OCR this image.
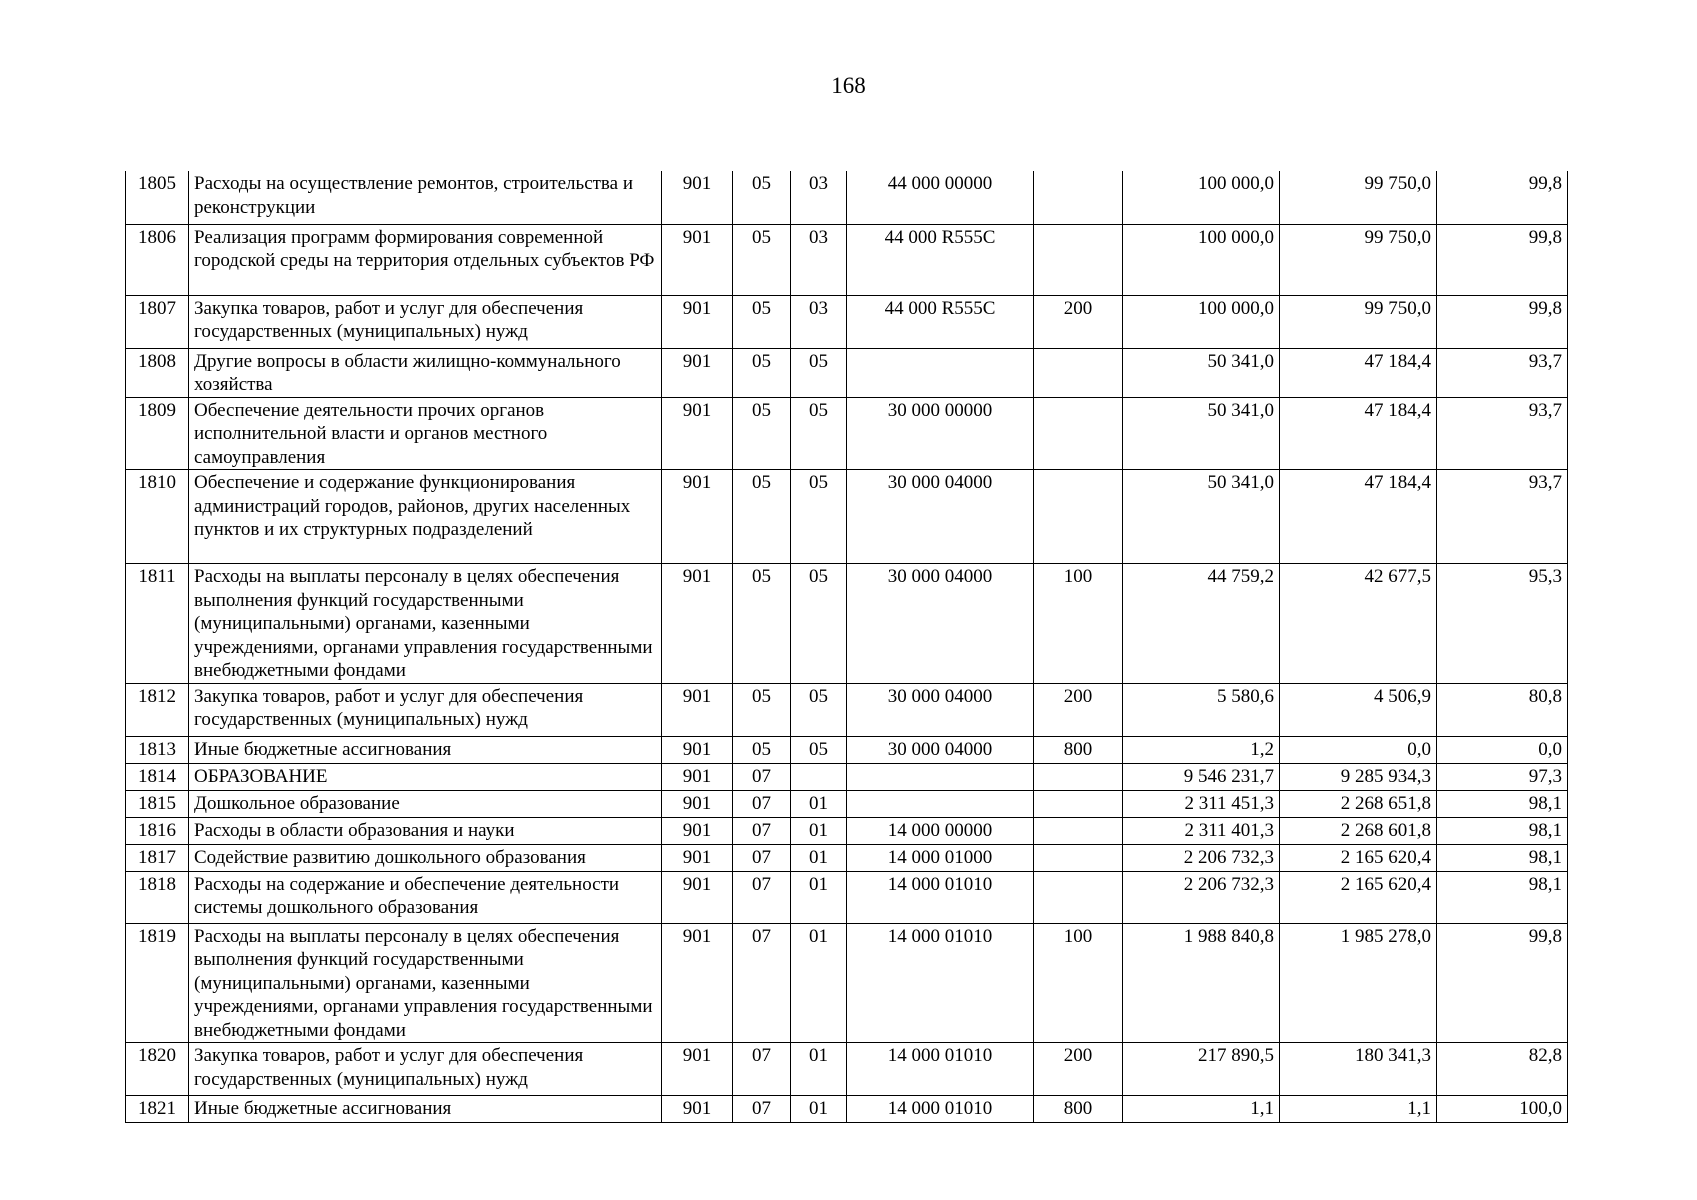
168
1805	Расходы на осуществление ремонтов, строительства и реконструкции	901	05	03	44 000 00000		100 000,0	99 750,0	99,8
1806	Реализация программ формирования современной городской среды на территория отдельных субъектов РФ	901	05	03	44 000 R555C		100 000,0	99 750,0	99,8
1807	Закупка товаров, работ и услуг для обеспечения государственных (муниципальных) нужд	901	05	03	44 000 R555C	200	100 000,0	99 750,0	99,8
1808	Другие вопросы в области жилищно-коммунального хозяйства	901	05	05			50 341,0	47 184,4	93,7
1809	Обеспечение деятельности прочих органов исполнительной власти и органов местного самоуправления	901	05	05	30 000 00000		50 341,0	47 184,4	93,7
1810	Обеспечение и содержание функционирования администраций городов, районов, других населенных пунктов и их структурных подразделений	901	05	05	30 000 04000		50 341,0	47 184,4	93,7
1811	Расходы на выплаты персоналу в целях обеспечения выполнения функций государственными (муниципальными) органами, казенными учреждениями, органами управления государственными внебюджетными фондами	901	05	05	30 000 04000	100	44 759,2	42 677,5	95,3
1812	Закупка товаров, работ и услуг для обеспечения государственных (муниципальных) нужд	901	05	05	30 000 04000	200	5 580,6	4 506,9	80,8
1813	Иные бюджетные ассигнования	901	05	05	30 000 04000	800	1,2	0,0	0,0
1814	ОБРАЗОВАНИЕ	901	07				9 546 231,7	9 285 934,3	97,3
1815	Дошкольное образование	901	07	01			2 311 451,3	2 268 651,8	98,1
1816	Расходы в области образования и науки	901	07	01	14 000 00000		2 311 401,3	2 268 601,8	98,1
1817	Содействие развитию дошкольного образования	901	07	01	14 000 01000		2 206 732,3	2 165 620,4	98,1
1818	Расходы на содержание и обеспечение деятельности системы дошкольного образования	901	07	01	14 000 01010		2 206 732,3	2 165 620,4	98,1
1819	Расходы на выплаты персоналу в целях обеспечения выполнения функций государственными (муниципальными) органами, казенными учреждениями, органами управления государственными внебюджетными фондами	901	07	01	14 000 01010	100	1 988 840,8	1 985 278,0	99,8
1820	Закупка товаров, работ и услуг для обеспечения государственных (муниципальных) нужд	901	07	01	14 000 01010	200	217 890,5	180 341,3	82,8
1821	Иные бюджетные ассигнования	901	07	01	14 000 01010	800	1,1	1,1	100,0
